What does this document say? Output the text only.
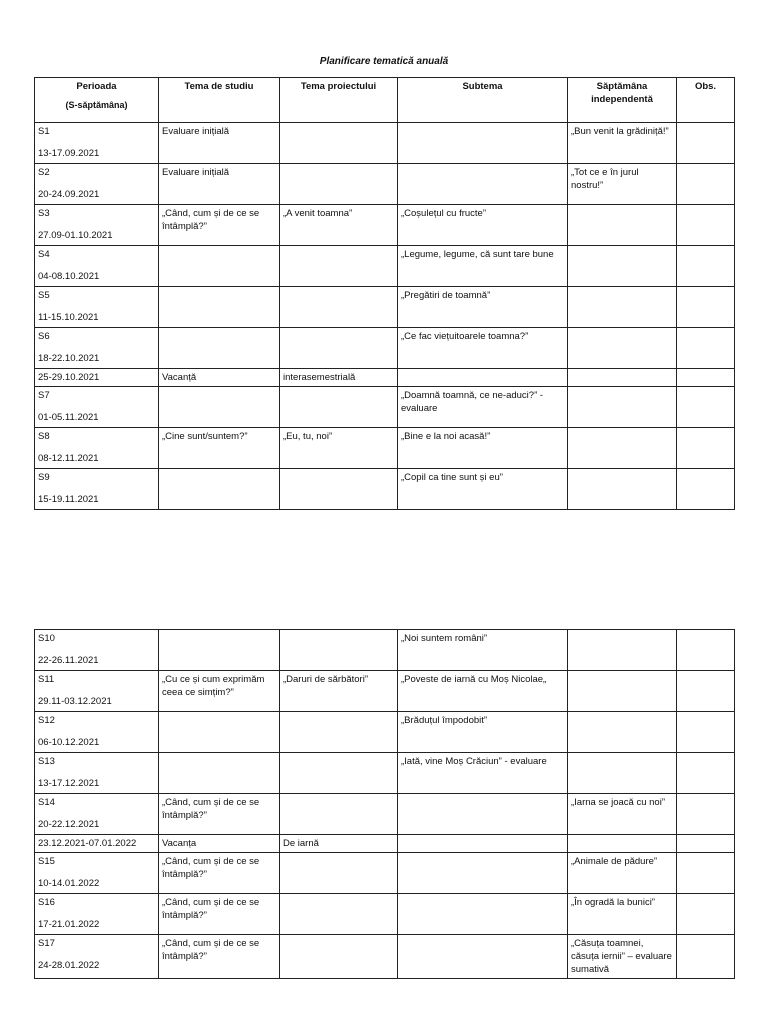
Planificare tematică anuală
Perioada
(S-săptămâna)	Tema de studiu	Tema proiectului	Subtema	Săptămâna independentă	Obs.

S1
13-17.09.2021	Evaluare inițială			„Bun venit la grădiniță!”	

S2
20-24.09.2021	Evaluare inițială			„Tot ce e în jurul nostru!”	

S3
27.09-01.10.2021	„Când, cum și de ce se întâmplă?”	„A venit toamna”	„Coșulețul cu fructe”		

S4
04-08.10.2021			„Legume, legume, că sunt tare bune		

S5
11-15.10.2021			„Pregătiri de toamnă”		

S6
18-22.10.2021			„Ce fac viețuitoarele toamna?”		

25-29.10.2021	Vacanță	interasemestrială			

S7
01-05.11.2021			„Doamnă toamnă, ce ne-aduci?” - evaluare		

S8
08-12.11.2021	„Cine sunt/suntem?”	„Eu, tu, noi”	„Bine e la noi acasă!”		

S9
15-19.11.2021			„Copil ca tine sunt și eu”		
S10
22-26.11.2021			„Noi suntem români”		

S11
29.11-03.12.2021	„Cu ce și cum exprimăm ceea ce simțim?”	„Daruri de sărbători”	„Poveste de iarnă cu Moș Nicolae„		

S12
06-10.12.2021			„Brăduțul împodobit”		

S13
13-17.12.2021			„Iată, vine Moș Crăciun” - evaluare		

S14
20-22.12.2021	„Când, cum și de ce se întâmplă?”			„Iarna se joacă cu noi”	

23.12.2021-07.01.2022	Vacanța	De iarnă			

S15
10-14.01.2022	„Când, cum și de ce se întâmplă?”			„Animale de pădure”	

S16
17-21.01.2022	„Când, cum și de ce se întâmplă?”			„În ogradă la bunici”	

S17
24-28.01.2022	„Când, cum și de ce se întâmplă?”			„Căsuța toamnei, căsuța iernii” – evaluare sumativă	
